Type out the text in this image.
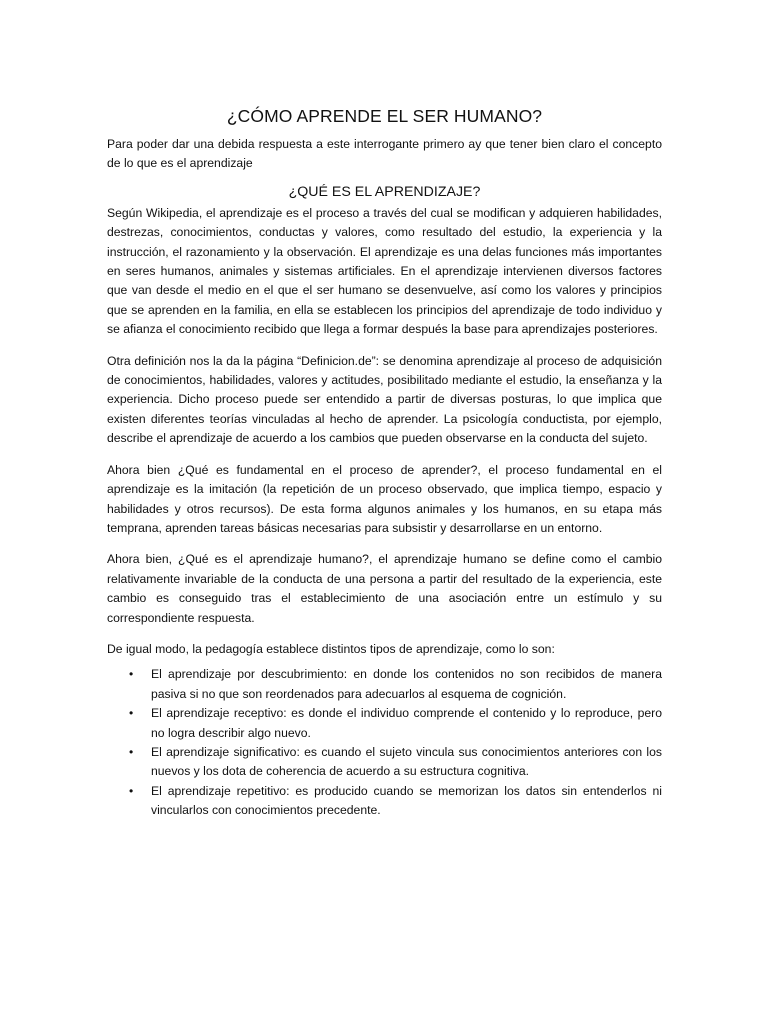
¿CÓMO APRENDE EL SER HUMANO?

Para poder dar una debida respuesta a este interrogante primero ay que tener bien claro el concepto de lo que es el aprendizaje

¿QUÉ ES EL APRENDIZAJE?

Según Wikipedia, el aprendizaje es el proceso a través del cual se modifican y adquieren habilidades, destrezas, conocimientos, conductas y valores, como resultado del estudio, la experiencia y la instrucción, el razonamiento y la observación. El aprendizaje es una delas funciones más importantes en seres humanos, animales y sistemas artificiales. En el aprendizaje intervienen diversos factores que van desde el medio en el que el ser humano se desenvuelve, así como los valores y principios que se aprenden en la familia, en ella se establecen los principios del aprendizaje de todo individuo y se afianza el conocimiento recibido que llega a formar después la base para aprendizajes posteriores.

Otra definición nos la da la página “Definicion.de”: se denomina aprendizaje al proceso de adquisición de conocimientos, habilidades, valores y actitudes, posibilitado mediante el estudio, la enseñanza y la experiencia. Dicho proceso puede ser entendido a partir de diversas posturas, lo que implica que existen diferentes teorías vinculadas al hecho de aprender. La psicología conductista, por ejemplo, describe el aprendizaje de acuerdo a los cambios que pueden observarse en la conducta del sujeto.

Ahora bien ¿Qué es fundamental en el proceso de aprender?, el proceso fundamental en el aprendizaje es la imitación (la repetición de un proceso observado, que implica tiempo, espacio y habilidades y otros recursos). De esta forma algunos animales y los humanos, en su etapa más temprana, aprenden tareas básicas necesarias para subsistir y desarrollarse en un entorno.

Ahora bien, ¿Qué es el aprendizaje humano?, el aprendizaje humano se define como el cambio relativamente invariable de la conducta de una persona a partir del resultado de la experiencia, este cambio es conseguido tras el establecimiento de una asociación entre un estímulo y su correspondiente respuesta.

De igual modo, la pedagogía establece distintos tipos de aprendizaje, como lo son:

• El aprendizaje por descubrimiento: en donde los contenidos no son recibidos de manera pasiva si no que son reordenados para adecuarlos al esquema de cognición.
• El aprendizaje receptivo: es donde el individuo comprende el contenido y lo reproduce, pero no logra describir algo nuevo.
• El aprendizaje significativo: es cuando el sujeto vincula sus conocimientos anteriores con los nuevos y los dota de coherencia de acuerdo a su estructura cognitiva.
• El aprendizaje repetitivo: es producido cuando se memorizan los datos sin entenderlos ni vincularlos con conocimientos precedente.
